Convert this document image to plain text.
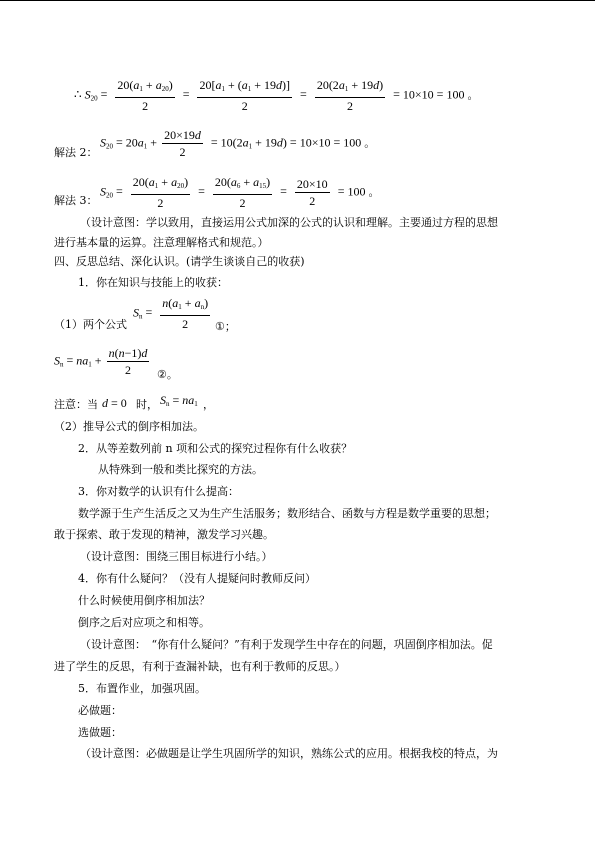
∴ $S_{20} = \frac{20(a_1 + a_{20})}{2} = \frac{20[a_1 + (a_1 + 19d)]}{2} = \frac{20(2a_1 + 19d)}{2} = 10\times 10 = 100$ 。
解法 2：
$S_{20} = 20a_1 + \frac{20\times 19d}{2} = 10(2a_1 + 19d) = 10\times 10 = 100$ 。
解法 3：
$S_{20} = \frac{20(a_1 + a_{20})}{2} = \frac{20(a_6 + a_{15})}{2} = \frac{20\times 10}{2} = 100$ 。
（设计意图：学以致用，直接运用公式加深的公式的认识和理解。主要通过方程的思想
进行基本量的运算。注意理解格式和规范。）
四、反思总结、深化认识。(请学生谈谈自己的收获)
1．你在知识与技能上的收获：
（1）两个公式
$S_n = \frac{n(a_1 + a_n)}{2}$ ①；
$S_n = na_1 + \frac{n(n-1)d}{2}$ ②。
注意：当 d = 0 时， $S_n = na_1$ ，
（2）推导公式的倒序相加法。
2．从等差数列前 n 项和公式的探究过程你有什么收获？
从特殊到一般和类比探究的方法。
3．你对数学的认识有什么提高：
数学源于生产生活反之又为生产生活服务；数形结合、函数与方程是数学重要的思想；
敢于探索、敢于发现的精神，激发学习兴趣。
（设计意图：围绕三围目标进行小结。）
4．你有什么疑问？（没有人提疑问时教师反问）
什么时候使用倒序相加法？
倒序之后对应项之和相等。
（设计意图：　“你有什么疑问？”有利于发现学生中存在的问题，巩固倒序相加法。促
进了学生的反思，有利于查漏补缺，也有利于教师的反思。）
5．布置作业，加强巩固。
必做题：
选做题：
（设计意图：必做题是让学生巩固所学的知识，熟练公式的应用。根据我校的特点，为
